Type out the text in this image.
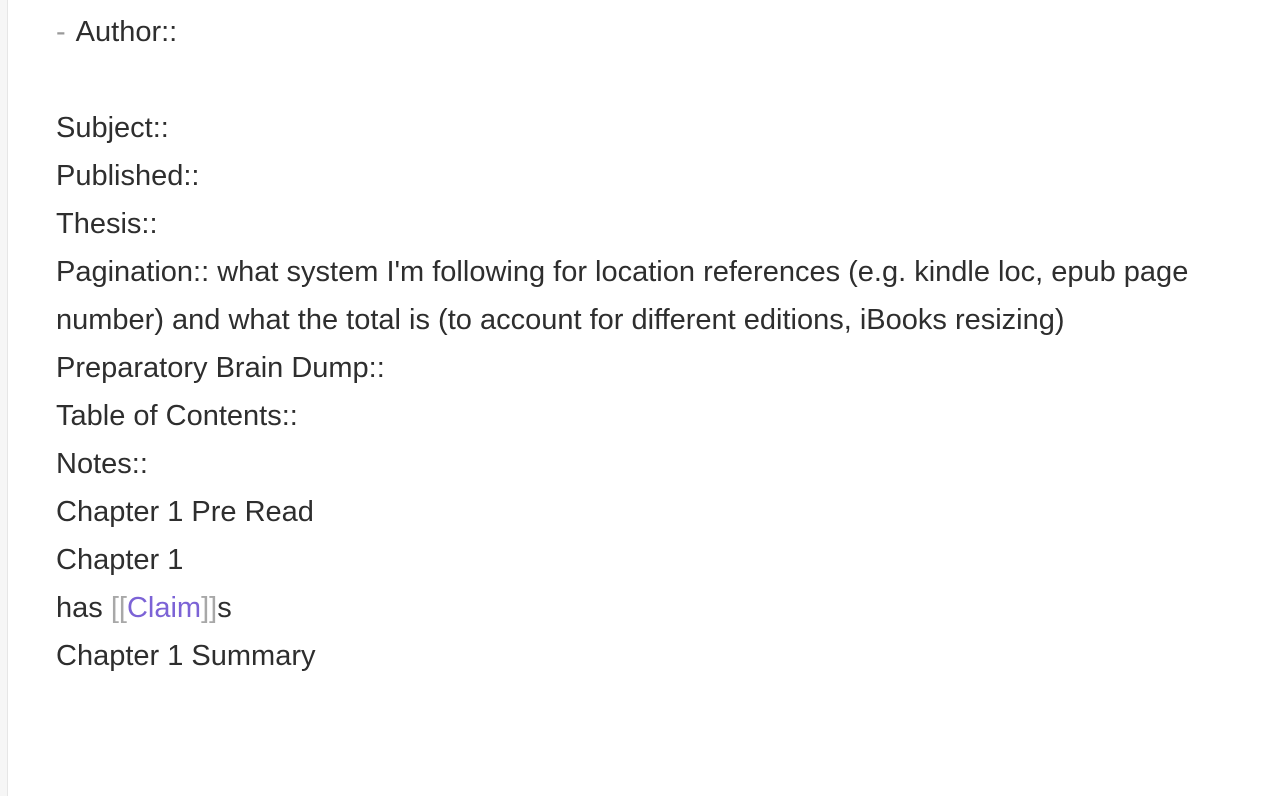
- Author::
Subject::
Published::
Thesis::
Pagination:: what system I'm following for location references (e.g. kindle loc, epub page number) and what the total is (to account for different editions, iBooks resizing)
Preparatory Brain Dump::
Table of Contents::
Notes::
Chapter 1 Pre Read
Chapter 1
has [[Claim]]s
Chapter 1 Summary
